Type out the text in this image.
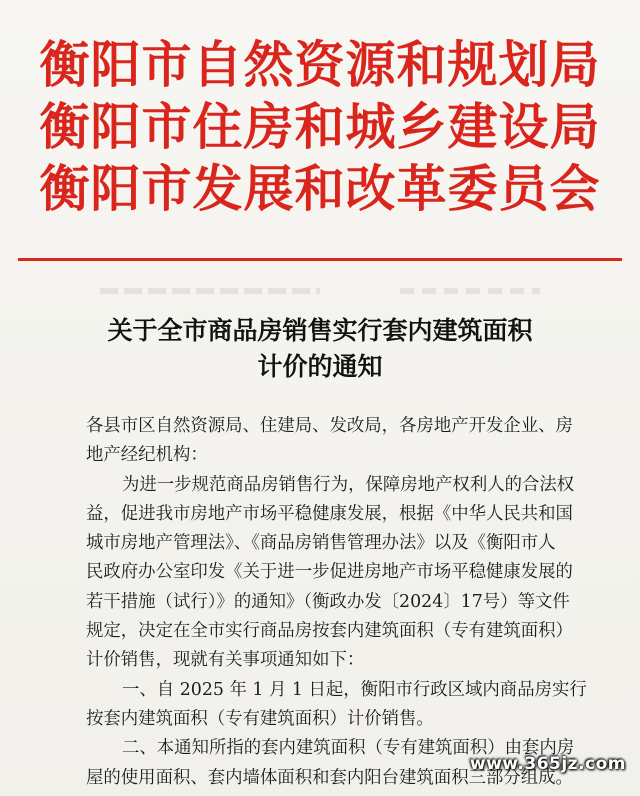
衡阳市自然资源和规划局
衡阳市住房和城乡建设局
衡阳市发展和改革委员会
关于全市商品房销售实行套内建筑面积
计价的通知
各县市区自然资源局、住建局、发改局，各房地产开发企业、房
地产经纪机构：
为进一步规范商品房销售行为，保障房地产权利人的合法权
益，促进我市房地产市场平稳健康发展，根据《中华人民共和国
城市房地产管理法》、《商品房销售管理办法》以及《衡阳市人
民政府办公室印发《关于进一步促进房地产市场平稳健康发展的
若干措施（试行）》的通知》（衡政办发〔2024〕17号）等文件
规定，决定在全市实行商品房按套内建筑面积（专有建筑面积）
计价销售，现就有关事项通知如下：
一、自 2025 年 1 月 1 日起，衡阳市行政区域内商品房实行
按套内建筑面积（专有建筑面积）计价销售。
二、本通知所指的套内建筑面积（专有建筑面积）由套内房
屋的使用面积、套内墙体面积和套内阳台建筑面积三部分组成。
www.365jz.com
